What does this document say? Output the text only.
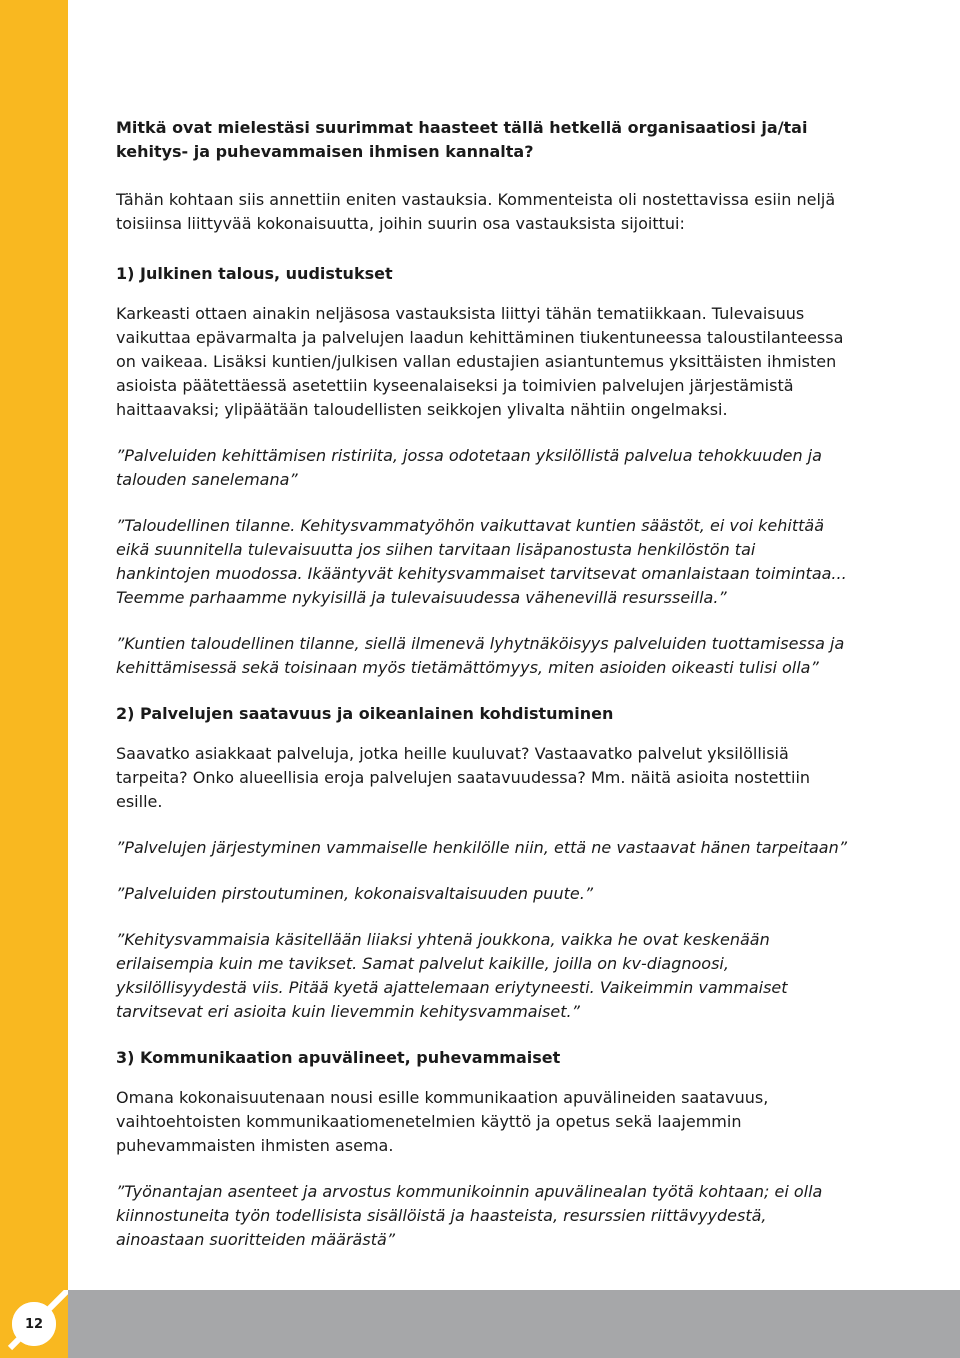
12

Mitkä ovat mielestäsi suurimmat haasteet tällä hetkellä organisaatiosi ja/tai kehitys- ja puhevammaisen ihmisen kannalta?

Tähän kohtaan siis annettiin eniten vastauksia. Kommenteista oli nostettavissa esiin neljä toisiinsa liittyvää kokonaisuutta, joihin suurin osa vastauksista sijoittui:

1) Julkinen talous, uudistukset

Karkeasti ottaen ainakin neljäsosa vastauksista liittyi tähän tematiikkaan. Tulevaisuus vaikuttaa epävarmalta ja palvelujen laadun kehittäminen tiukentuneessa taloustilanteessa on vaikeaa. Lisäksi kuntien/julkisen vallan edustajien asiantuntemus yksittäisten ihmisten asioista päätettäessä asetettiin kyseenalaiseksi ja toimivien palvelujen järjestämistä haittaavaksi; ylipäätään taloudellisten seikkojen ylivalta nähtiin ongelmaksi.

”Palveluiden kehittämisen ristiriita, jossa odotetaan yksilöllistä palvelua tehokkuuden ja talouden sanelemana”

”Taloudellinen tilanne. Kehitysvammatyöhön vaikuttavat kuntien säästöt, ei voi kehittää eikä suunnitella tulevaisuutta jos siihen tarvitaan lisäpanostusta henkilöstön tai hankintojen muodossa. Ikääntyvät kehitysvammaiset tarvitsevat omanlaistaan toimintaa... Teemme parhaamme nykyisillä ja tulevaisuudessa vähenevillä resursseilla.”

”Kuntien taloudellinen tilanne, siellä ilmenevä lyhytnäköisyys palveluiden tuottamisessa ja kehittämisessä sekä toisinaan myös tietämättömyys, miten asioiden oikeasti tulisi olla”

2) Palvelujen saatavuus ja oikeanlainen kohdistuminen

Saavatko asiakkaat palveluja, jotka heille kuuluvat? Vastaavatko palvelut yksilöllisiä tarpeita? Onko alueellisia eroja palvelujen saatavuudessa? Mm. näitä asioita nostettiin esille.

”Palvelujen järjestyminen vammaiselle henkilölle niin, että ne vastaavat hänen tarpeitaan”

”Palveluiden pirstoutuminen, kokonaisvaltaisuuden puute.”

”Kehitysvammaisia käsitellään liiaksi yhtenä joukkona, vaikka he ovat keskenään erilaisempia kuin me tavikset. Samat palvelut kaikille, joilla on kv-diagnoosi, yksilöllisyydestä viis. Pitää kyetä ajattelemaan eriytyneesti. Vaikeimmin vammaiset tarvitsevat eri asioita kuin lievemmin kehitysvammaiset.”

3) Kommunikaation apuvälineet, puhevammaiset

Omana kokonaisuutenaan nousi esille kommunikaation apuvälineiden saatavuus, vaihtoehtoisten kommunikaatiomenetelmien käyttö ja opetus sekä laajemmin puhevammaisten ihmisten asema.

”Työnantajan asenteet ja arvostus kommunikoinnin apuvälinealan työtä kohtaan; ei olla kiinnostuneita työn todellisista sisällöistä ja haasteista, resurssien riittävyydestä, ainoastaan suoritteiden määrästä”
